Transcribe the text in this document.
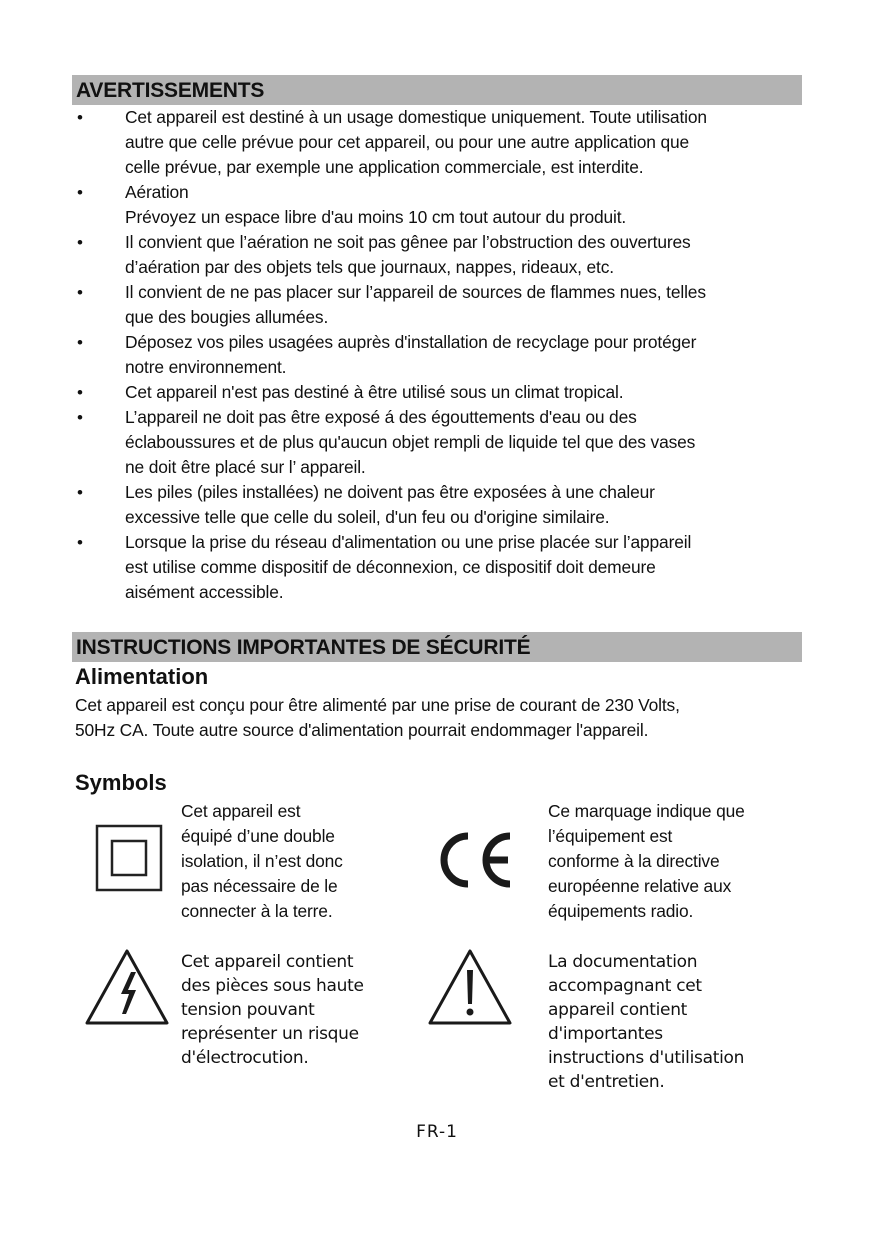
AVERTISSEMENTS
• Cet appareil est destiné à un usage domestique uniquement. Toute utilisation
autre que celle prévue pour cet appareil, ou pour une autre application que
celle prévue, par exemple une application commerciale, est interdite.
• Aération
Prévoyez un espace libre d'au moins 10 cm tout autour du produit.
• Il convient que l’aération ne soit pas gênee par l’obstruction des ouvertures
d’aération par des objets tels que journaux, nappes, rideaux, etc.
• Il convient de ne pas placer sur l’appareil de sources de flammes nues, telles
que des bougies allumées.
• Déposez vos piles usagées auprès d'installation de recyclage pour protéger
notre environnement.
• Cet appareil n'est pas destiné à être utilisé sous un climat tropical.
• L’appareil ne doit pas être exposé á des égouttements d'eau ou des
éclaboussures et de plus qu'aucun objet rempli de liquide tel que des vases
ne doit être placé sur l’ appareil.
• Les piles (piles installées) ne doivent pas être exposées à une chaleur
excessive telle que celle du soleil, d'un feu ou d'origine similaire.
• Lorsque la prise du réseau d'alimentation ou une prise placée sur l’appareil
est utilise comme dispositif de déconnexion, ce dispositif doit demeure
aisément accessible.
INSTRUCTIONS IMPORTANTES DE SÉCURITÉ
Alimentation
Cet appareil est conçu pour être alimenté par une prise de courant de 230 Volts,
50Hz CA. Toute autre source d'alimentation pourrait endommager l'appareil.
Symbols
Cet appareil est
équipé d’une double
isolation, il n’est donc
pas nécessaire de le
connecter à la terre.
Ce marquage indique que
l’équipement est
conforme à la directive
européenne relative aux
équipements radio.
Cet appareil contient
des pièces sous haute
tension pouvant
représenter un risque
d'électrocution.
La documentation
accompagnant cet
appareil contient
d'importantes
instructions d'utilisation
et d'entretien.
FR-1
